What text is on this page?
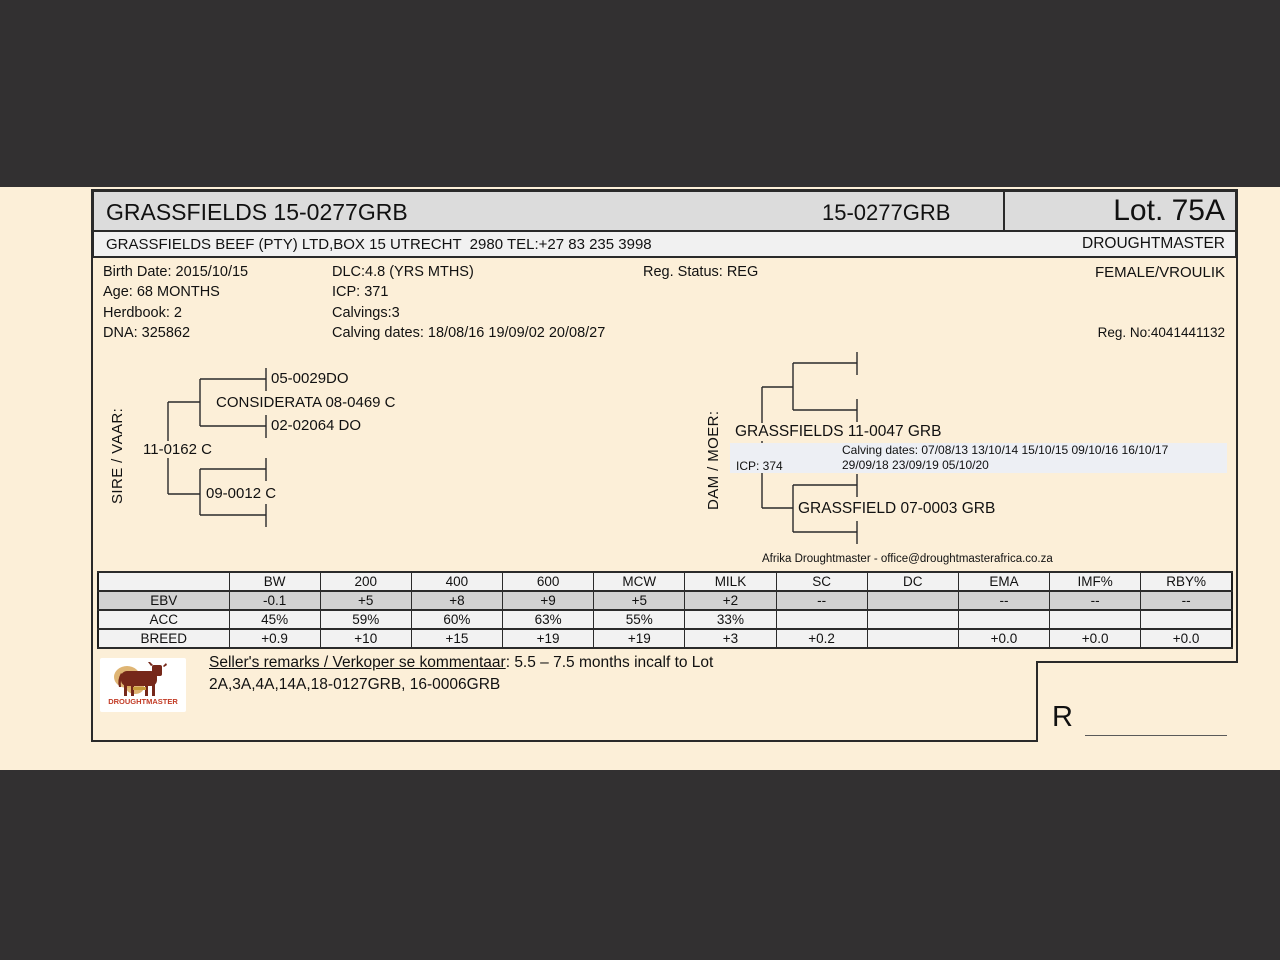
GRASSFIELDS 15-0277GRB	15-0277GRB	Lot. 75A
GRASSFIELDS BEEF (PTY) LTD,BOX 15 UTRECHT  2980 TEL:+27 83 235 3998	DROUGHTMASTER
Birth Date: 2015/10/15
Age: 68 MONTHS
Herdbook: 2
DNA: 325862
DLC:4.8 (YRS MTHS)
ICP: 371
Calvings:3
Calving dates: 18/08/16 19/09/02 20/08/27
Reg. Status: REG	FEMALE/VROULIK
Reg. No:4041441132
SIRE / VAAR:	DAM / MOER:
05-0029DO
CONSIDERATA 08-0469 C
02-02064 DO
11-0162 C
09-0012 C
GRASSFIELDS 11-0047 GRB
ICP: 374
Calving dates: 07/08/13 13/10/14 15/10/15 09/10/16 16/10/17
29/09/18 23/09/19 05/10/20
GRASSFIELD 07-0003 GRB
Afrika Droughtmaster - office@droughtmasterafrica.co.za
	BW	200	400	600	MCW	MILK	SC	DC	EMA	IMF%	RBY%
EBV	-0.1	+5	+8	+9	+5	+2	--		--	--	--
ACC	45%	59%	60%	63%	55%	33%					
BREED	+0.9	+10	+15	+19	+19	+3	+0.2		+0.0	+0.0	+0.0
DROUGHTMASTER
Seller's remarks / Verkoper se kommentaar: 5.5 – 7.5 months incalf to Lot
2A,3A,4A,14A,18-0127GRB, 16-0006GRB
R
